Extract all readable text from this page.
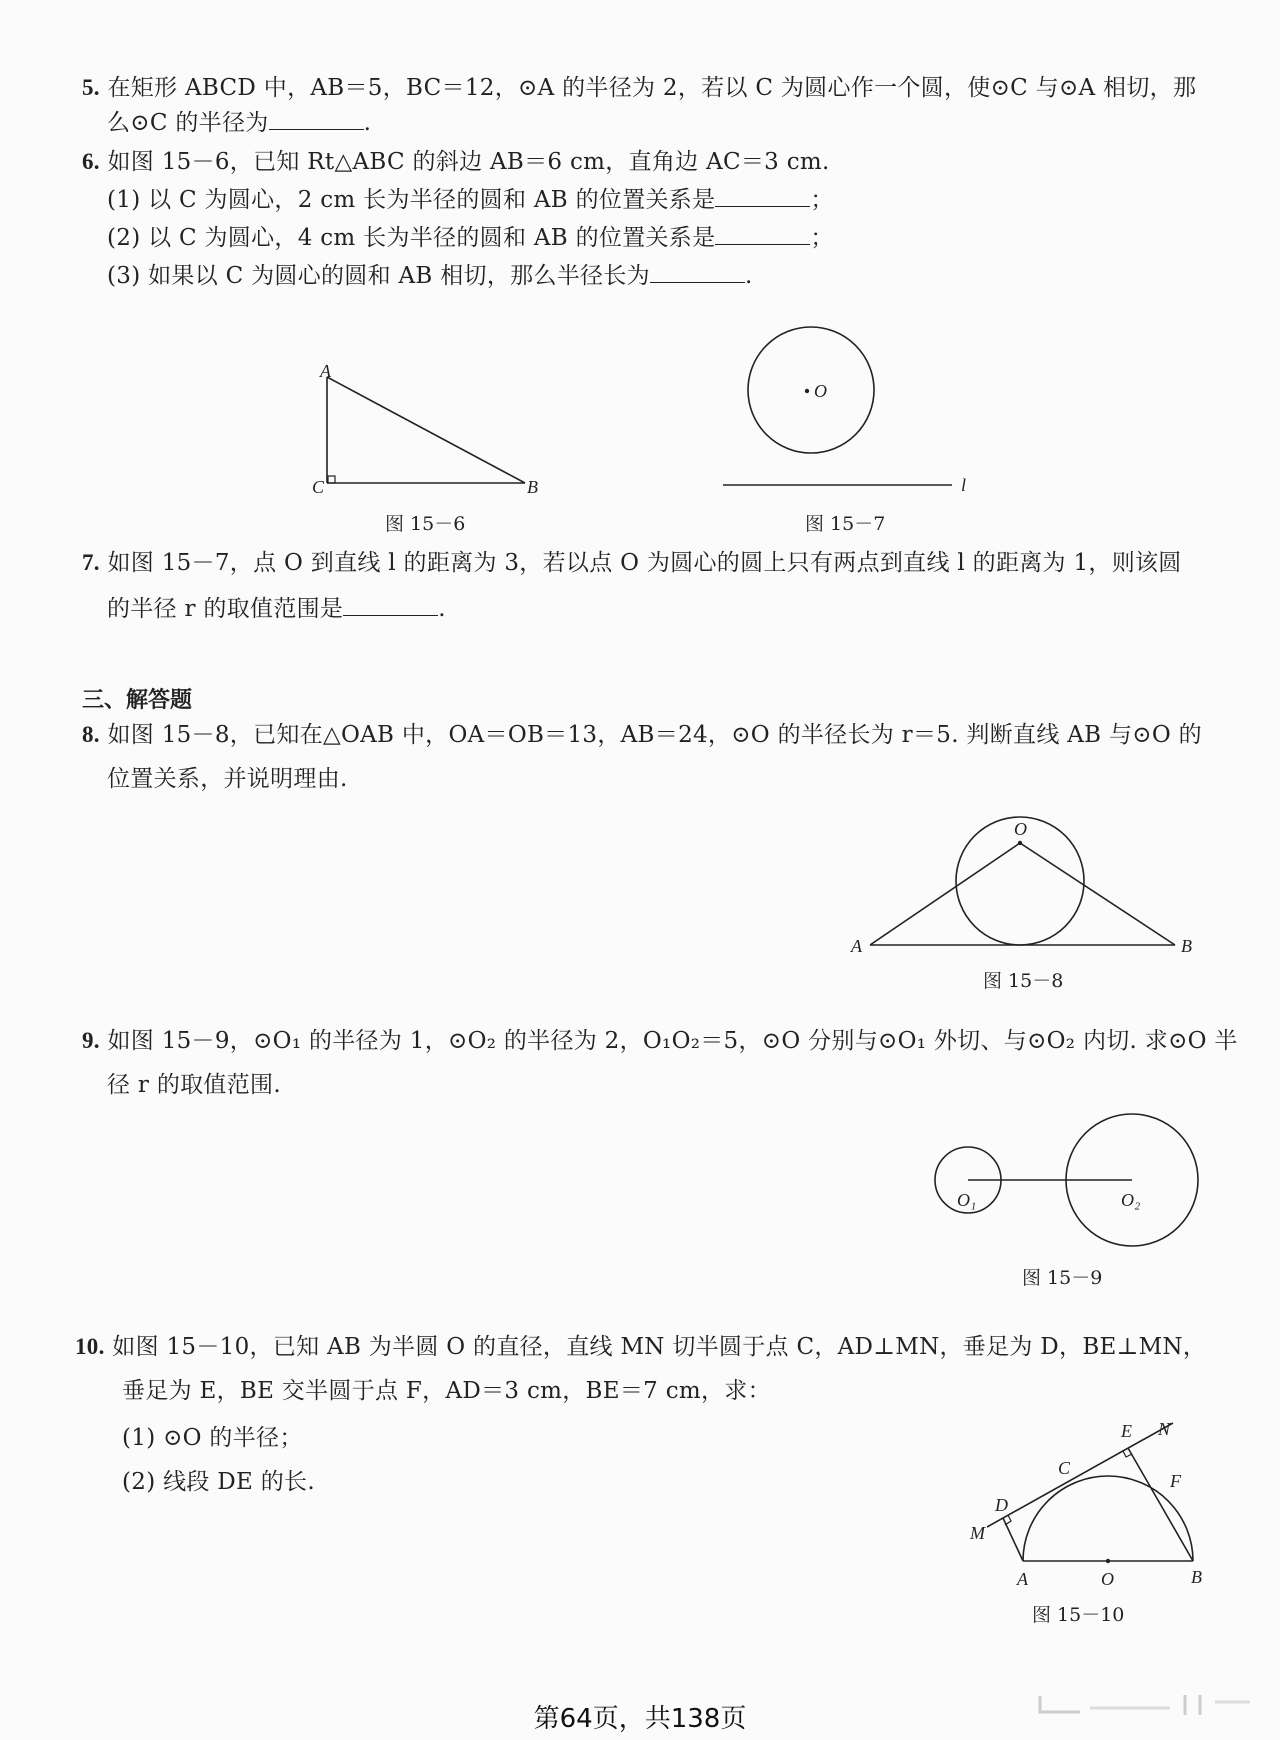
5. 在矩形 ABCD 中，AB＝5，BC＝12，⊙A 的半径为 2，若以 C 为圆心作一个圆，使⊙C 与⊙A 相切，那
么⊙C 的半径为	.
6. 如图 15－6，已知 Rt△ABC 的斜边 AB＝6 cm，直角边 AC＝3 cm.
(1) 以 C 为圆心，2 cm 长为半径的圆和 AB 的位置关系是	；
(2) 以 C 为圆心，4 cm 长为半径的圆和 AB 的位置关系是	；
(3) 如果以 C 为圆心的圆和 AB 相切，那么半径长为	.
A
C	B
图 15－6
O
l
图 15－7
7. 如图 15－7，点 O 到直线 l 的距离为 3，若以点 O 为圆心的圆上只有两点到直线 l 的距离为 1，则该圆
的半径 r 的取值范围是	.
三、解答题
8. 如图 15－8，已知在△OAB 中，OA＝OB＝13，AB＝24，⊙O 的半径长为 r＝5. 判断直线 AB 与⊙O 的
位置关系，并说明理由.
O
A	B
图 15－8
9. 如图 15－9，⊙O₁ 的半径为 1，⊙O₂ 的半径为 2，O₁O₂＝5，⊙O 分别与⊙O₁ 外切、与⊙O₂ 内切. 求⊙O 半
径 r 的取值范围.
O₁	O₂
图 15－9
10. 如图 15－10，已知 AB 为半圆 O 的直径，直线 MN 切半圆于点 C，AD⊥MN，垂足为 D，BE⊥MN，
垂足为 E，BE 交半圆于点 F，AD＝3 cm，BE＝7 cm，求：
(1) ⊙O 的半径；
(2) 线段 DE 的长.
A	O	B
C
D
M
E N
F
图 15－10
第64页，共138页
